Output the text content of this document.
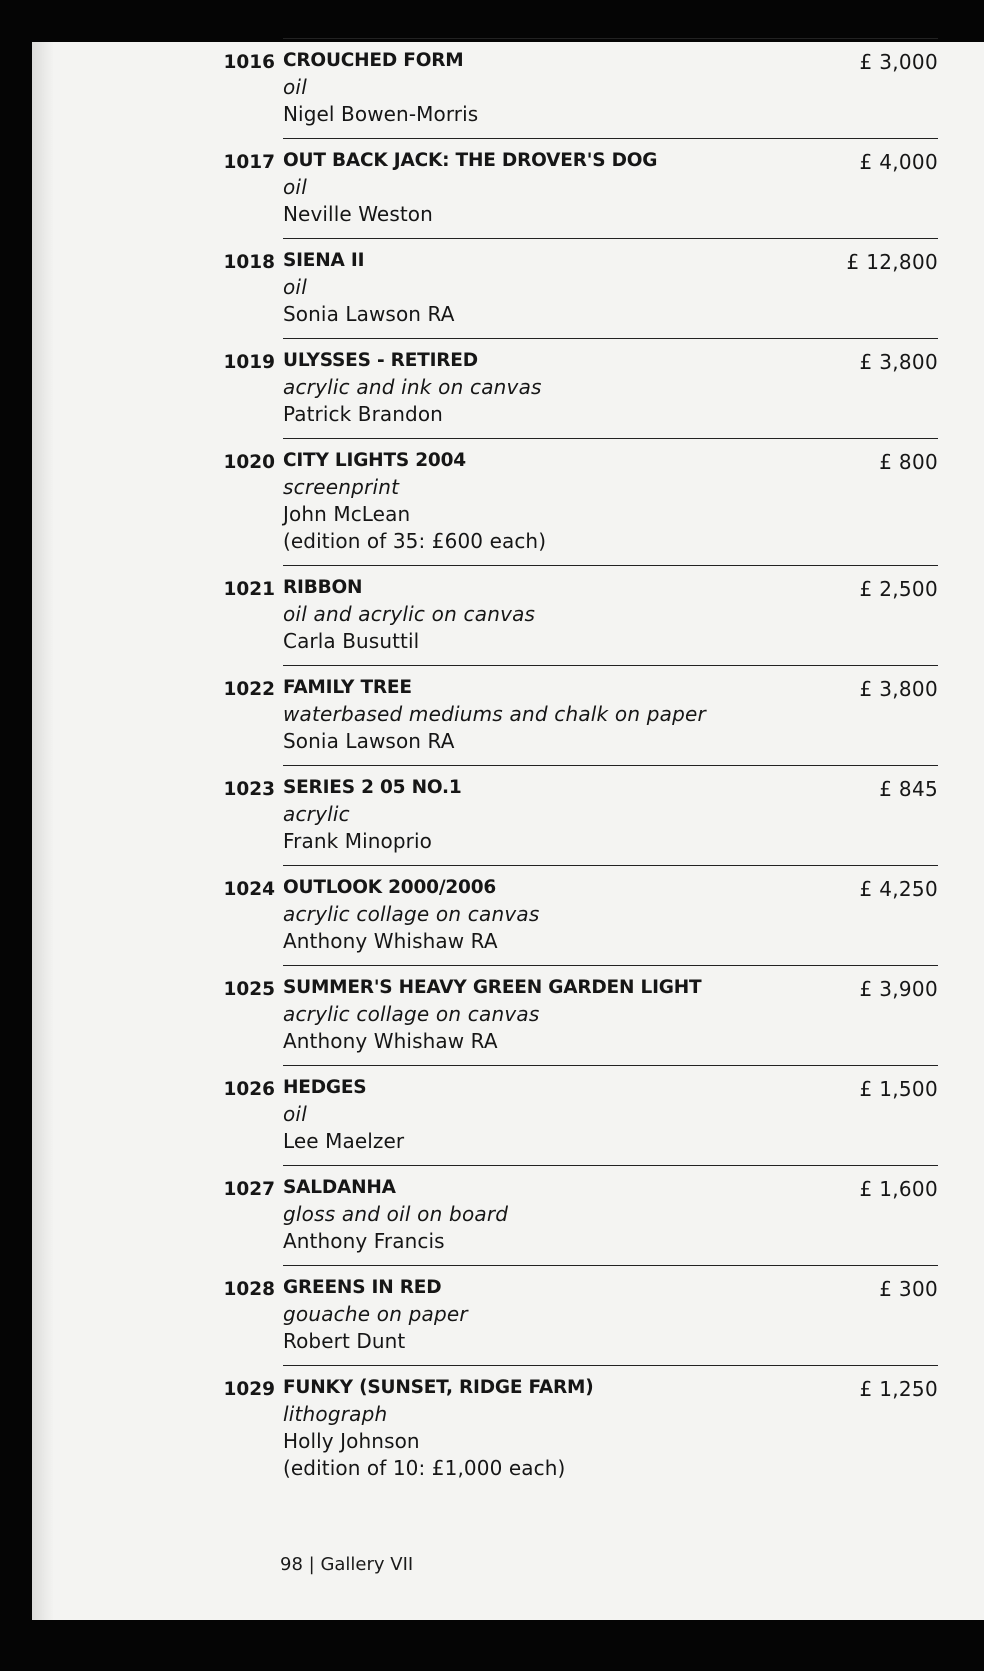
1016 CROUCHED FORM
oil
Nigel Bowen-Morris
£ 3,000
1017 OUT BACK JACK: THE DROVER'S DOG
oil
Neville Weston
£ 4,000
1018 SIENA II
oil
Sonia Lawson RA
£ 12,800
1019 ULYSSES - RETIRED
acrylic and ink on canvas
Patrick Brandon
£ 3,800
1020 CITY LIGHTS 2004
screenprint
John McLean
(edition of 35: £600 each)
£ 800
1021 RIBBON
oil and acrylic on canvas
Carla Busuttil
£ 2,500
1022 FAMILY TREE
waterbased mediums and chalk on paper
Sonia Lawson RA
£ 3,800
1023 SERIES 2 05 NO.1
acrylic
Frank Minoprio
£ 845
1024 OUTLOOK 2000/2006
acrylic collage on canvas
Anthony Whishaw RA
£ 4,250
1025 SUMMER'S HEAVY GREEN GARDEN LIGHT
acrylic collage on canvas
Anthony Whishaw RA
£ 3,900
1026 HEDGES
oil
Lee Maelzer
£ 1,500
1027 SALDANHA
gloss and oil on board
Anthony Francis
£ 1,600
1028 GREENS IN RED
gouache on paper
Robert Dunt
£ 300
1029 FUNKY (SUNSET, RIDGE FARM)
lithograph
Holly Johnson
(edition of 10: £1,000 each)
£ 1,250
98 | Gallery VII
